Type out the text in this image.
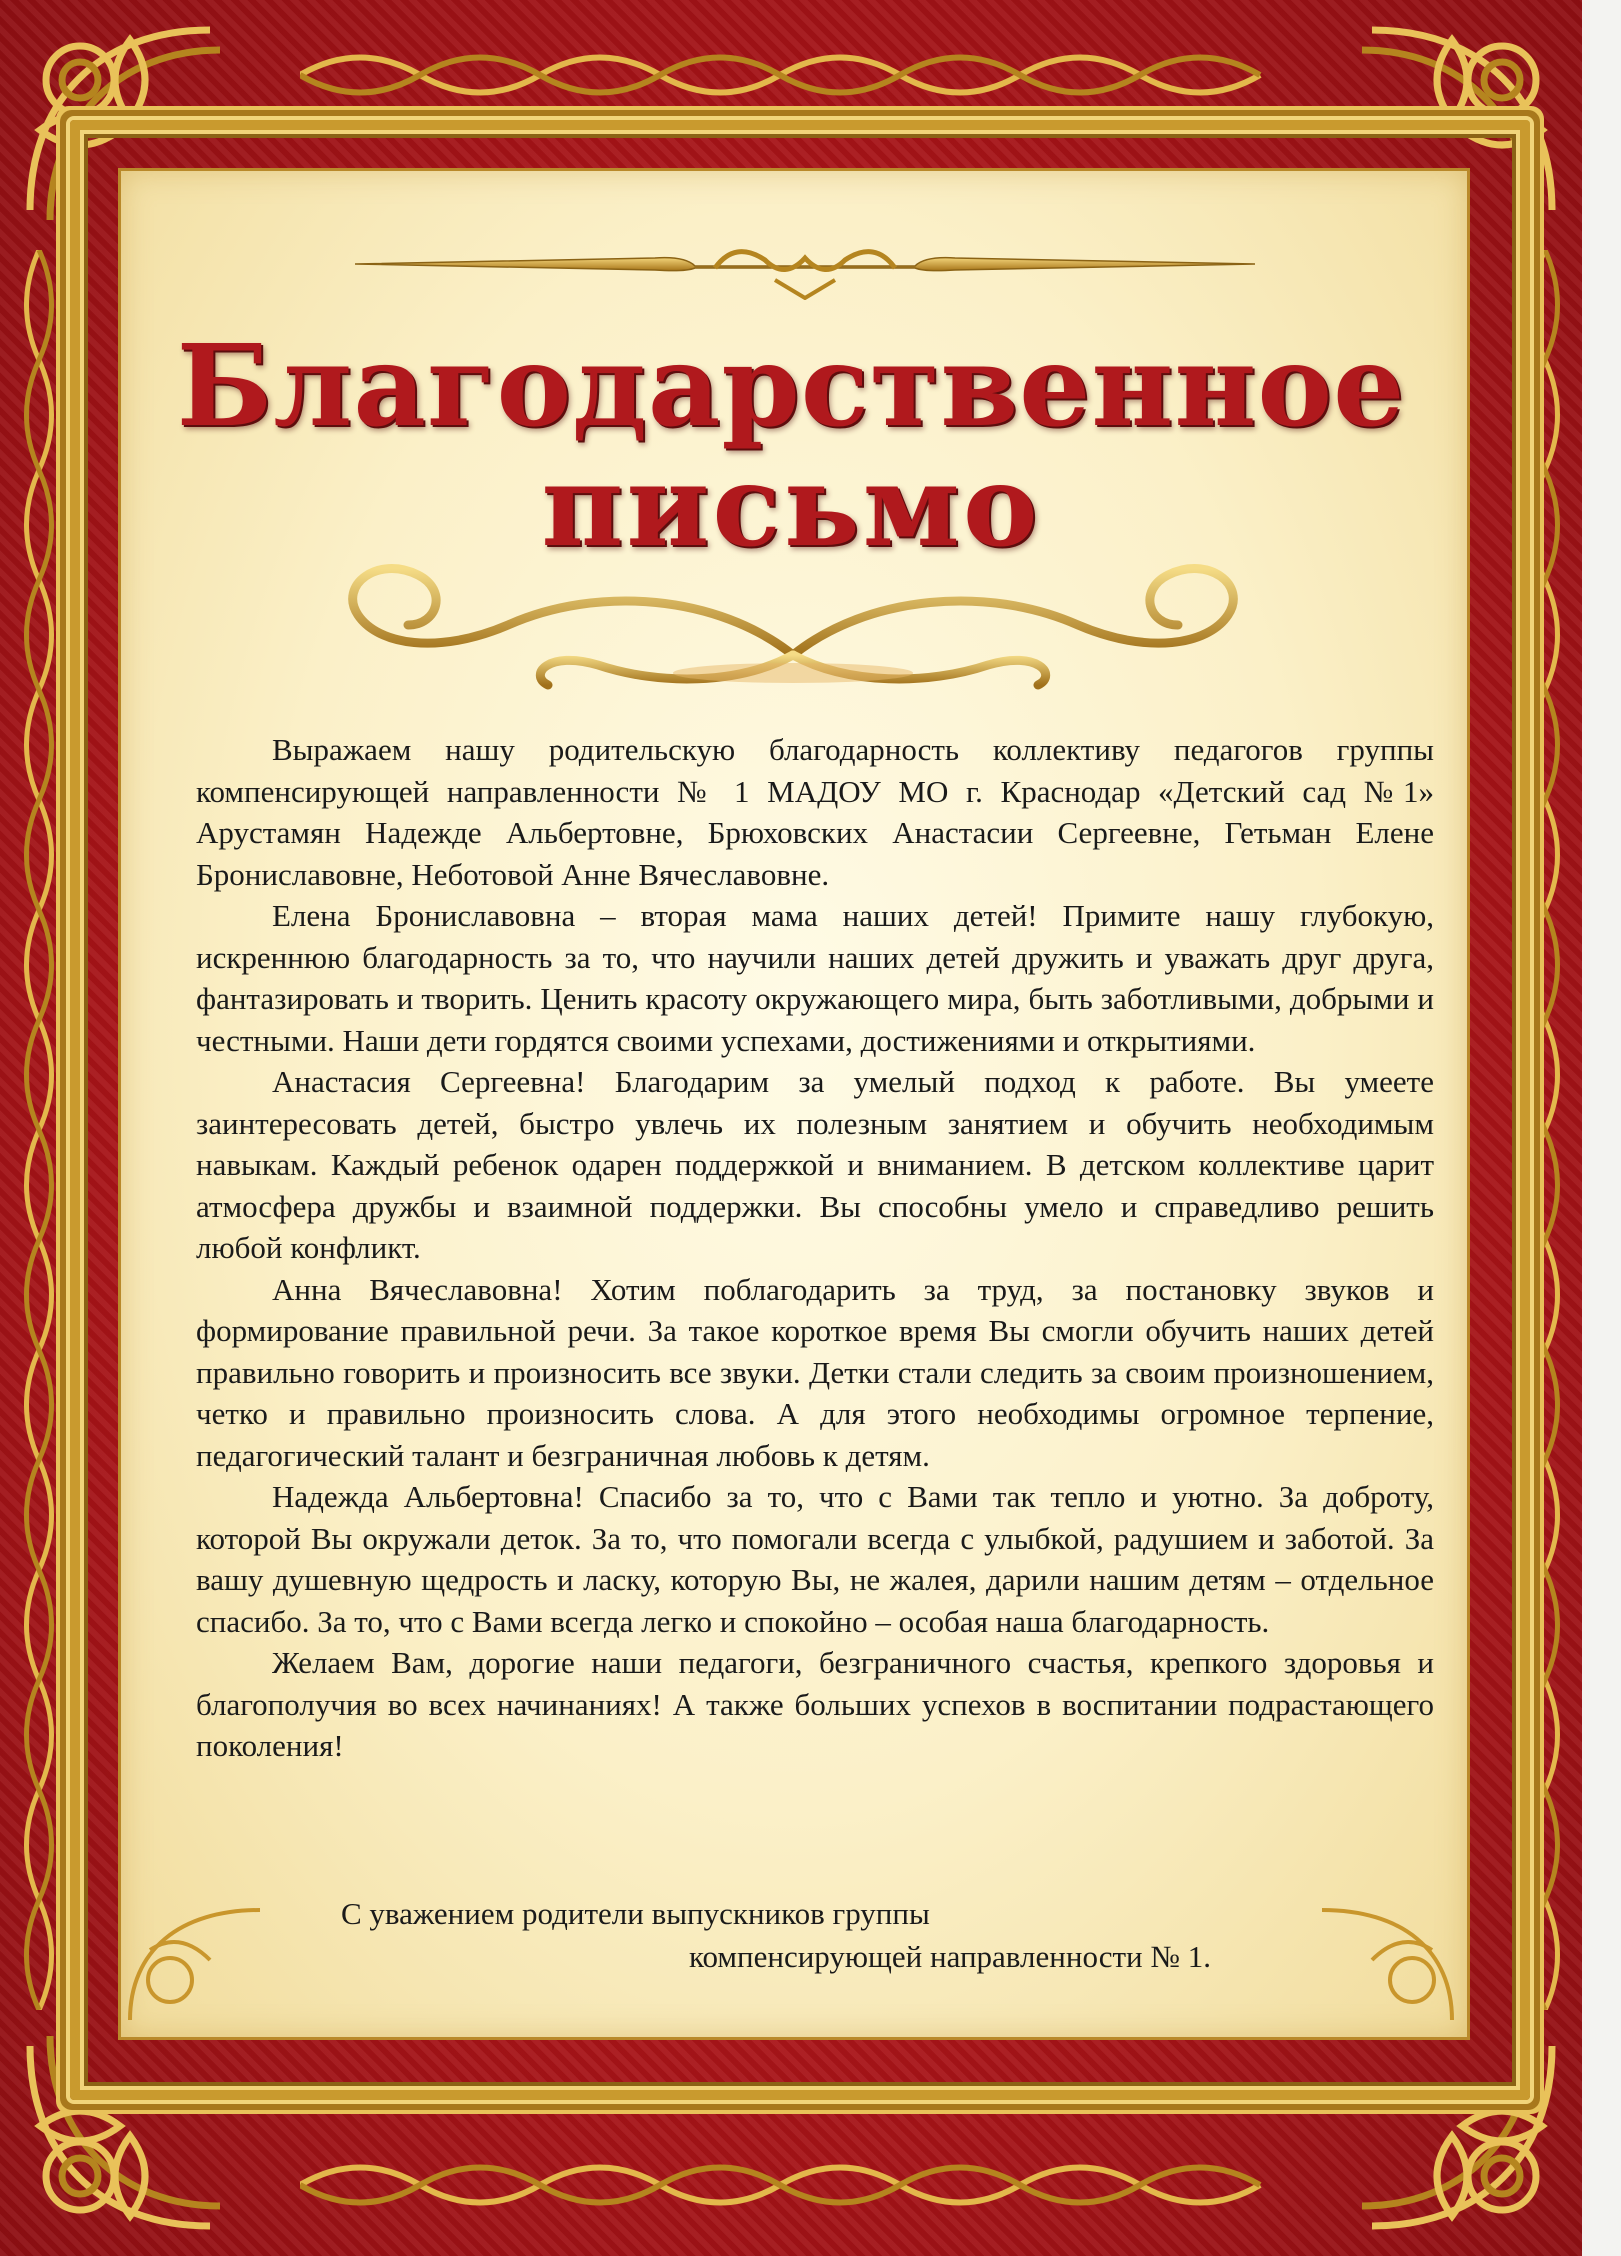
Благодарственное
письмо

Выражаем нашу родительскую благодарность коллективу педагогов группы компенсирующей направленности № 1 МАДОУ МО г. Краснодар «Детский сад №1» Арустамян Надежде Альбертовне, Брюховских Анастасии Сергеевне, Гетьман Елене Брониславовне, Неботовой Анне Вячеславовне.

Елена Брониславовна – вторая мама наших детей! Примите нашу глубокую, искреннюю благодарность за то, что научили наших детей дружить и уважать друг друга, фантазировать и творить. Ценить красоту окружающего мира, быть заботливыми, добрыми и честными. Наши дети гордятся своими успехами, достижениями и открытиями.

Анастасия Сергеевна! Благодарим за умелый подход к работе. Вы умеете заинтересовать детей, быстро увлечь их полезным занятием и обучить необходимым навыкам. Каждый ребенок одарен поддержкой и вниманием. В детском коллективе царит атмосфера дружбы и взаимной поддержки. Вы способны умело и справедливо решить любой конфликт.

Анна Вячеславовна! Хотим поблагодарить за труд, за постановку звуков и формирование правильной речи. За такое короткое время Вы смогли обучить наших детей правильно говорить и произносить все звуки. Детки стали следить за своим произношением, четко и правильно произносить слова. А для этого необходимы огромное терпение, педагогический талант и безграничная любовь к детям.

Надежда Альбертовна! Спасибо за то, что с Вами так тепло и уютно. За доброту, которой Вы окружали деток. За то, что помогали всегда с улыбкой, радушием и заботой. За вашу душевную щедрость и ласку, которую Вы, не жалея, дарили нашим детям – отдельное спасибо. За то, что с Вами всегда легко и спокойно – особая наша благодарность.

Желаем Вам, дорогие наши педагоги, безграничного счастья, крепкого здоровья и благополучия во всех начинаниях! А также больших успехов в воспитании подрастающего поколения!

С уважением родители выпускников группы
компенсирующей направленности № 1.
